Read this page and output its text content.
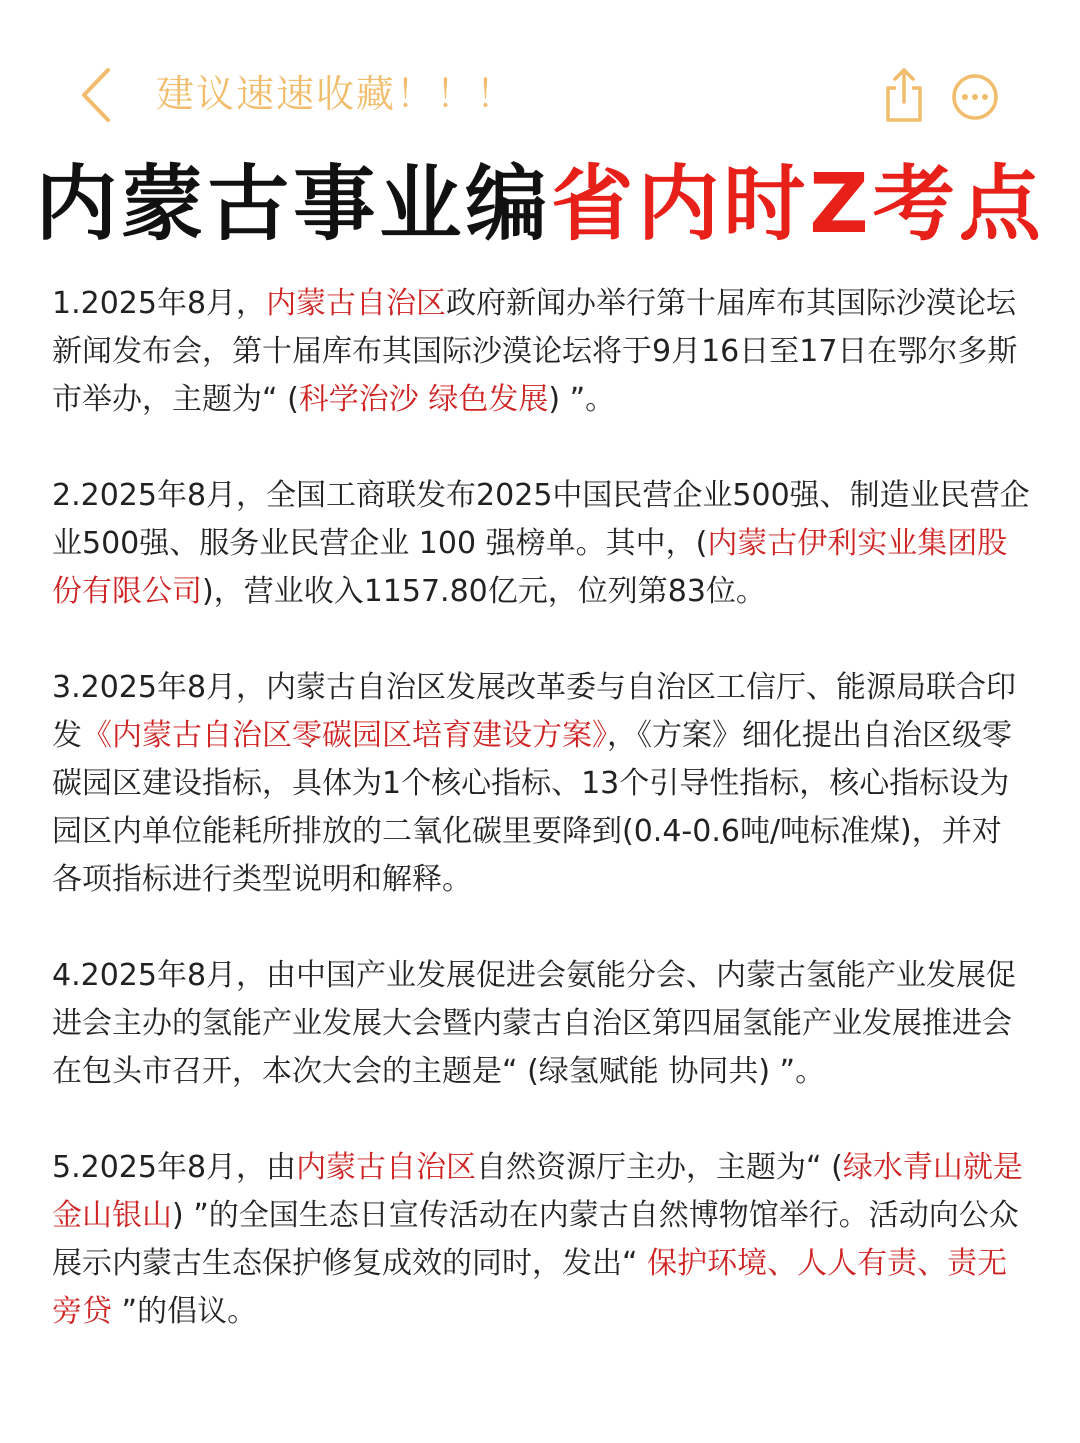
建议速速收藏！！！
内蒙古事业编省内时Z考点

1.2025年8月，内蒙古自治区政府新闻办举行第十届库布其国际沙漠论坛新闻发布会，第十届库布其国际沙漠论坛将于9月16日至17日在鄂尔多斯市举办，主题为“ (科学治沙 绿色发展) ”。

2.2025年8月，全国工商联发布2025中国民营企业500强、制造业民营企业500强、服务业民营企业 100 强榜单。其中，(内蒙古伊利实业集团股份有限公司)，营业收入1157.80亿元，位列第83位。

3.2025年8月，内蒙古自治区发展改革委与自治区工信厅、能源局联合印发《内蒙古自治区零碳园区培育建设方案》，《方案》细化提出自治区级零碳园区建设指标，具体为1个核心指标、13个引导性指标，核心指标设为园区内单位能耗所排放的二氧化碳里要降到(0.4-0.6吨/吨标准煤)，并对各项指标进行类型说明和解释。

4.2025年8月，由中国产业发展促进会氨能分会、内蒙古氢能产业发展促进会主办的氢能产业发展大会暨内蒙古自治区第四届氢能产业发展推进会在包头市召开，本次大会的主题是“ (绿氢赋能 协同共) ”。

5.2025年8月，由内蒙古自治区自然资源厅主办，主题为“ (绿水青山就是金山银山) ”的全国生态日宣传活动在内蒙古自然博物馆举行。活动向公众展示内蒙古生态保护修复成效的同时，发出“ 保护环境、人人有责、责无旁贷 ”的倡议。
